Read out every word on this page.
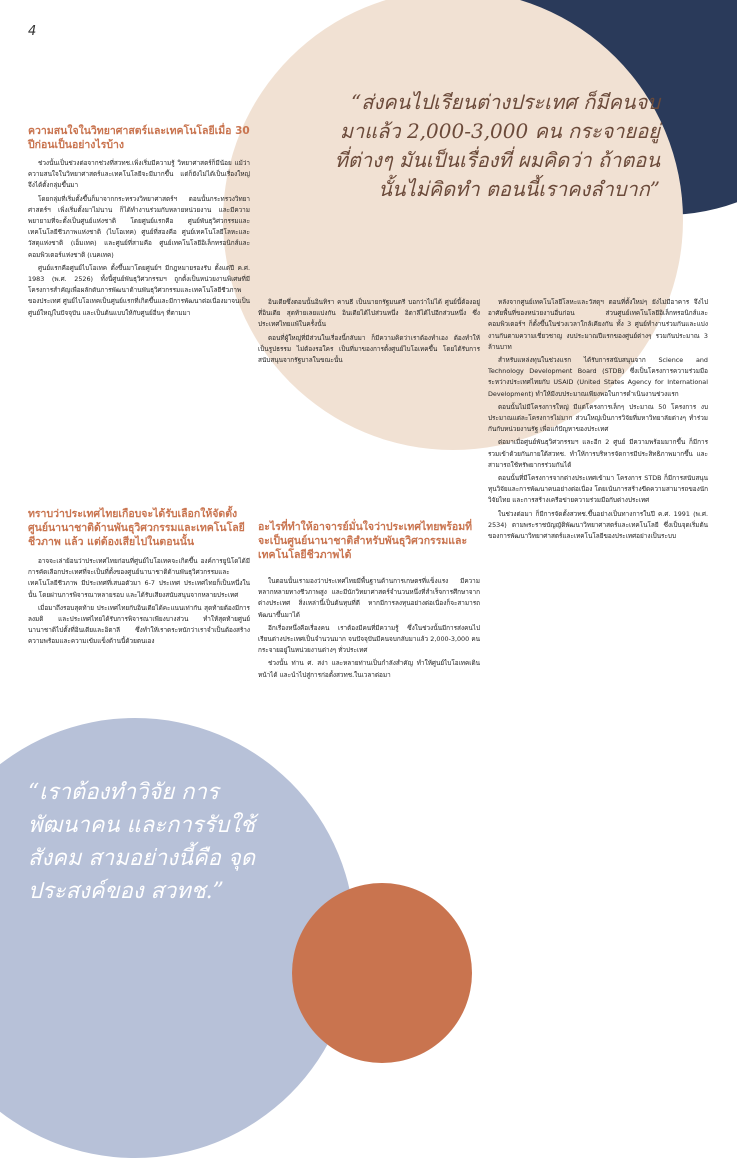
4
“ส่งคนไปเรียนต่างประเทศ ก็มีคนจบมาแล้ว 2,000-3,000 คน กระจายอยู่ที่ต่างๆ มันเป็นเรื่องที่ ผมคิดว่า ถ้าตอนนั้นไม่คิดทำ ตอนนี้เราคงลำบาก”
ความสนใจในวิทยาศาสตร์และเทคโนโลยีเมื่อ 30 ปีก่อนเป็นอย่างไรบ้าง

ช่วงนั้นเป็นช่วงต่อจากช่วงที่สวทช.เพิ่งเริ่มมีความรู้ วิทยาศาสตร์ก็มีน้อย แม้ว่าความสนใจในวิทยาศาสตร์และเทคโนโลยีจะมีมากขึ้น แต่ก็ยังไม่ได้เป็นเรื่องใหญ่ จึงได้ตั้งกลุ่มขึ้นมา

โดยกลุ่มที่เริ่มตั้งขึ้นก็มาจากกระทรวงวิทยาศาสตร์ฯ ตอนนั้นกระทรวงวิทยาศาสตร์ฯ เพิ่งเริ่มตั้งมาไม่นาน ก็ได้ทำงานร่วมกับหลายหน่วยงาน และมีความพยายามที่จะตั้งเป็นศูนย์แห่งชาติ โดยศูนย์แรกคือ ศูนย์พันธุวิศวกรรมและเทคโนโลยีชีวภาพแห่งชาติ (ไบโอเทค) ศูนย์ที่สองคือ ศูนย์เทคโนโลยีโลหะและวัสดุแห่งชาติ (เอ็มเทค) และศูนย์ที่สามคือ ศูนย์เทคโนโลยีอิเล็กทรอนิกส์และคอมพิวเตอร์แห่งชาติ (เนคเทค)

ศูนย์แรกคือศูนย์ไบโอเทค ตั้งขึ้นมาโดยศูนย์ฯ มีกฎหมายรองรับ ตั้งแต่ปี ค.ศ. 1983 (พ.ศ. 2526) ทั้งนี้ศูนย์พันธุวิศวกรรมฯ ถูกตั้งเป็นหน่วยงานพิเศษที่มีโครงการสำคัญเพื่อผลักดันการพัฒนาด้านพันธุวิศวกรรมและเทคโนโลยีชีวภาพของประเทศ ศูนย์ไบโอเทคเป็นศูนย์แรกที่เกิดขึ้นและมีการพัฒนาต่อเนื่องมาจนเป็นศูนย์ใหญ่ในปัจจุบัน และเป็นต้นแบบให้กับศูนย์อื่นๆ ที่ตามมา

ทราบว่าประเทศไทยเกือบจะได้รับเลือกให้จัดตั้งศูนย์นานาชาติด้านพันธุวิศวกรรมและเทคโนโลยีชีวภาพ แล้ว แต่ต้องเสียไปในตอนนั้น

อาจจะเล่าย้อนว่าประเทศไทยก่อนที่ศูนย์ไบโอเทคจะเกิดขึ้น องค์การยูนิโดได้มีการคัดเลือกประเทศที่จะเป็นที่ตั้งของศูนย์นานาชาติด้านพันธุวิศวกรรมและเทคโนโลยีชีวภาพ มีประเทศที่เสนอตัวมา 6-7 ประเทศ ประเทศไทยก็เป็นหนึ่งในนั้น โดยผ่านการพิจารณาหลายรอบ และได้รับเสียงสนับสนุนจากหลายประเทศ

เมื่อมาถึงรอบสุดท้าย ประเทศไทยกับอินเดียได้คะแนนเท่ากัน สุดท้ายต้องมีการลงมติ และประเทศไทยได้รับการพิจารณาเพียงบางส่วน ทำให้สุดท้ายศูนย์นานาชาติไปตั้งที่อินเดียและอิตาลี ซึ่งทำให้เราตระหนักว่าเราจำเป็นต้องสร้างความพร้อมและความเข้มแข็งด้านนี้ด้วยตนเอง

อินเดียซึ่งตอนนั้นอินทิรา คานธี เป็นนายกรัฐมนตรี บอกว่าไม่ได้ ศูนย์นี้ต้องอยู่ที่อินเดีย สุดท้ายเลยแบ่งกัน อินเดียได้ไปส่วนหนึ่ง อิตาลีได้ไปอีกส่วนหนึ่ง ซึ่งประเทศไทยแพ้ในครั้งนั้น

ตอนที่ผู้ใหญ่ที่มีส่วนในเรื่องนี้กลับมา ก็มีความคิดว่าเราต้องทำเอง ต้องทำให้เป็นรูปธรรม ไม่ต้องรอใคร เป็นที่มาของการตั้งศูนย์ไบโอเทคขึ้น โดยได้รับการสนับสนุนจากรัฐบาลในขณะนั้น

อะไรที่ทำให้อาจารย์มั่นใจว่าประเทศไทยพร้อมที่จะเป็นศูนย์นานาชาติสำหรับพันธุวิศวกรรมและเทคโนโลยีชีวภาพได้

ในตอนนั้นเรามองว่าประเทศไทยมีพื้นฐานด้านการเกษตรที่แข็งแรง มีความหลากหลายทางชีวภาพสูง และมีนักวิทยาศาสตร์จำนวนหนึ่งที่สำเร็จการศึกษาจากต่างประเทศ สิ่งเหล่านี้เป็นต้นทุนที่ดี หากมีการลงทุนอย่างต่อเนื่องก็จะสามารถพัฒนาขึ้นมาได้

อีกเรื่องหนึ่งคือเรื่องคน เราต้องมีคนที่มีความรู้ ซึ่งในช่วงนั้นมีการส่งคนไปเรียนต่างประเทศเป็นจำนวนมาก จนปัจจุบันมีคนจบกลับมาแล้ว 2,000-3,000 คน กระจายอยู่ในหน่วยงานต่างๆ ทั่วประเทศ

ช่วงนั้น ท่าน ศ. สง่า และหลายท่านเป็นกำลังสำคัญ ทำให้ศูนย์ไบโอเทคเดินหน้าได้ และนำไปสู่การก่อตั้งสวทช.ในเวลาต่อมา

หลังจากศูนย์เทคโนโลยีโลหะและวัสดุฯ ตอนที่ตั้งใหม่ๆ ยังไม่มีอาคาร จึงไปอาศัยพื้นที่ของหน่วยงานอื่นก่อน ส่วนศูนย์เทคโนโลยีอิเล็กทรอนิกส์และคอมพิวเตอร์ฯ ก็ตั้งขึ้นในช่วงเวลาใกล้เคียงกัน ทั้ง 3 ศูนย์ทำงานร่วมกันและแบ่งงานกันตามความเชี่ยวชาญ งบประมาณปีแรกของศูนย์ต่างๆ รวมกันประมาณ 3 ล้านบาท

สำหรับแหล่งทุนในช่วงแรก ได้รับการสนับสนุนจาก Science and Technology Development Board (STDB) ซึ่งเป็นโครงการความร่วมมือระหว่างประเทศไทยกับ USAID (United States Agency for International Development) ทำให้มีงบประมาณเพียงพอในการดำเนินงานช่วงแรก

ตอนนั้นไม่มีโครงการใหญ่ มีแต่โครงการเล็กๆ ประมาณ 50 โครงการ งบประมาณแต่ละโครงการไม่มาก ส่วนใหญ่เป็นการวิจัยที่มหาวิทยาลัยต่างๆ ทำร่วมกันกับหน่วยงานรัฐ เพื่อแก้ปัญหาของประเทศ

ต่อมาเมื่อศูนย์พันธุวิศวกรรมฯ และอีก 2 ศูนย์ มีความพร้อมมากขึ้น ก็มีการรวมเข้าด้วยกันภายใต้สวทช. ทำให้การบริหารจัดการมีประสิทธิภาพมากขึ้น และสามารถใช้ทรัพยากรร่วมกันได้

ตอนนั้นที่มีโครงการจากต่างประเทศเข้ามา โครงการ STDB ก็มีการสนับสนุนทุนวิจัยและการพัฒนาคนอย่างต่อเนื่อง โดยเน้นการสร้างขีดความสามารถของนักวิจัยไทย และการสร้างเครือข่ายความร่วมมือกับต่างประเทศ

ในช่วงต่อมา ก็มีการจัดตั้งสวทช.ขึ้นอย่างเป็นทางการในปี ค.ศ. 1991 (พ.ศ. 2534) ตามพระราชบัญญัติพัฒนาวิทยาศาสตร์และเทคโนโลยี ซึ่งเป็นจุดเริ่มต้นของการพัฒนาวิทยาศาสตร์และเทคโนโลยีของประเทศอย่างเป็นระบบ

“เราต้องทำวิจัย การพัฒนาคน และการรับใช้สังคม สามอย่างนี้คือ จุดประสงค์ของ สวทช.”
